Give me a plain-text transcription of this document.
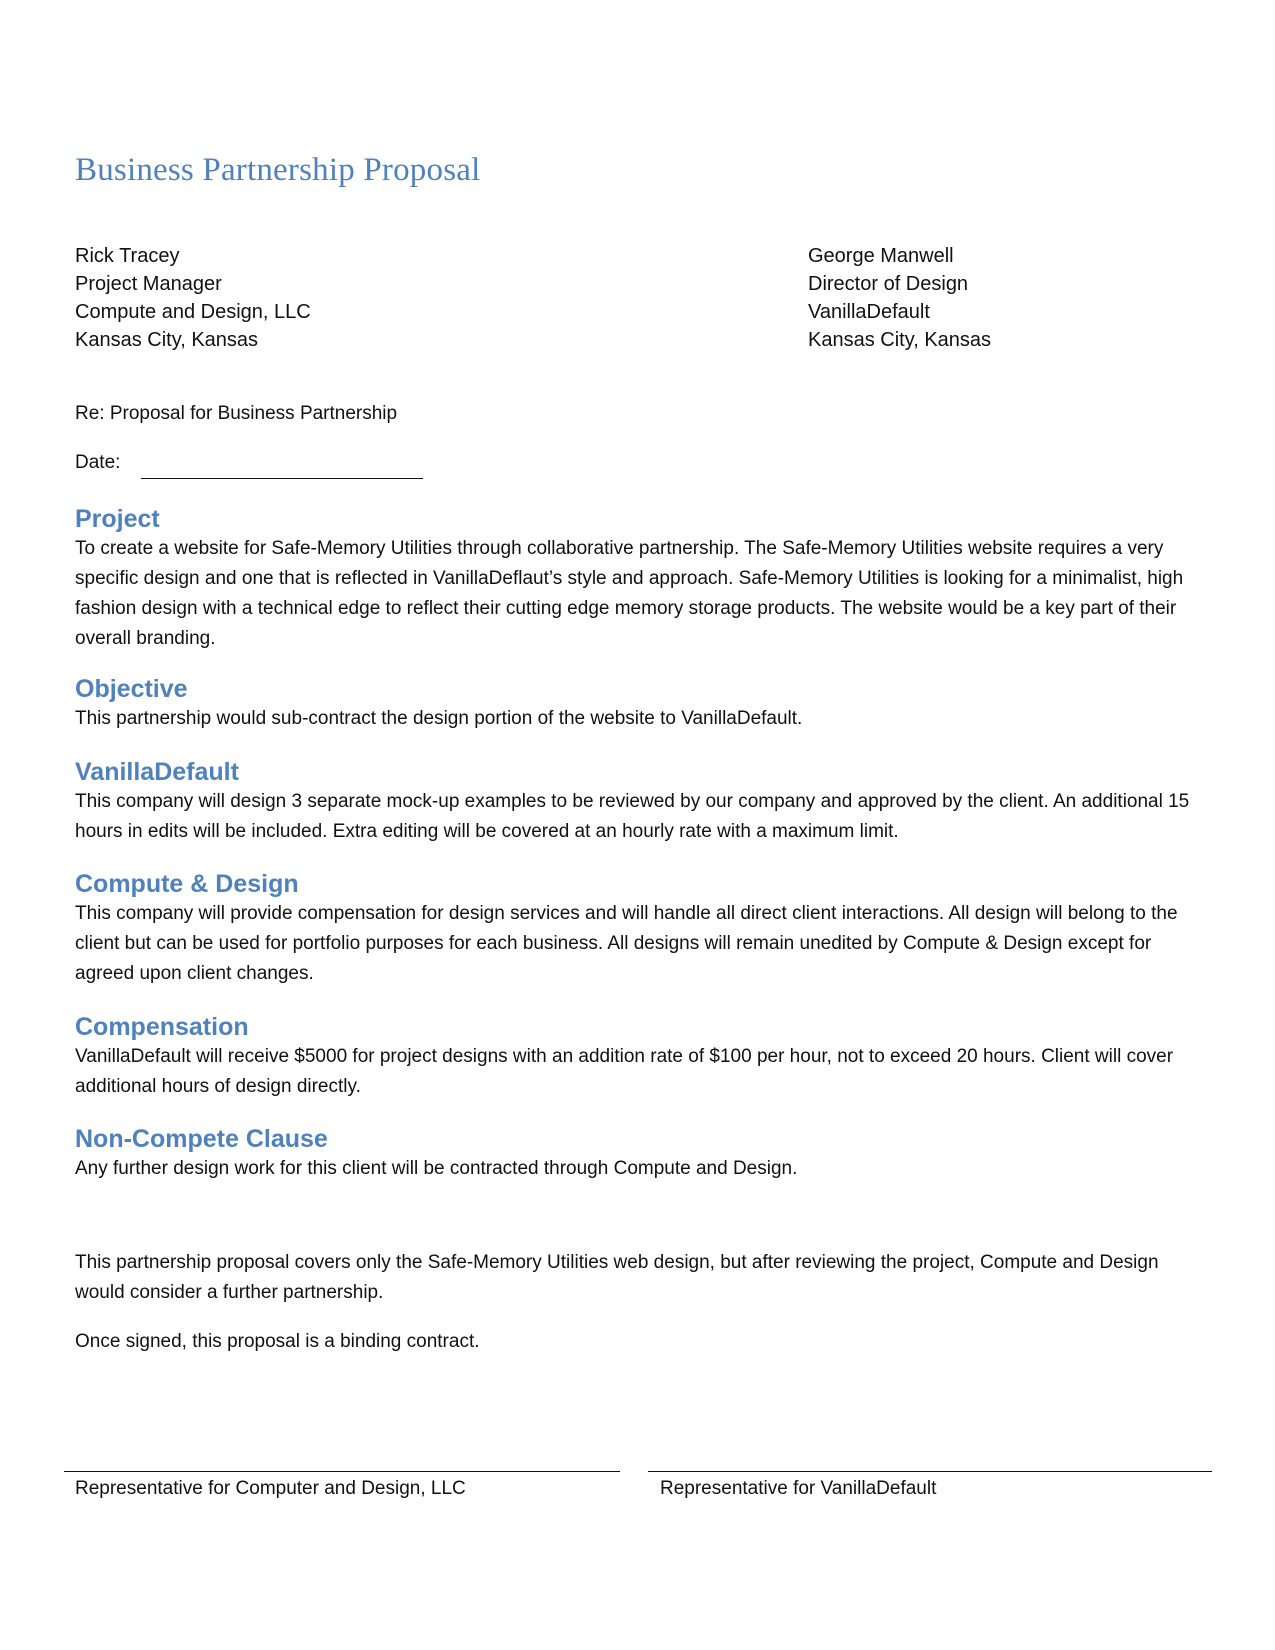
Business Partnership Proposal
Rick Tracey
Project Manager
Compute and Design, LLC
Kansas City, Kansas
George Manwell
Director of Design
VanillaDefault
Kansas City, Kansas
Re: Proposal for Business Partnership
Date:
Project

To create a website for Safe-Memory Utilities through collaborative partnership. The Safe-Memory Utilities website requires a very specific design and one that is reflected in VanillaDeflaut’s style and approach. Safe-Memory Utilities is looking for a minimalist, high fashion design with a technical edge to reflect their cutting edge memory storage products. The website would be a key part of their overall branding.

Objective

This partnership would sub-contract the design portion of the website to VanillaDefault.

VanillaDefault

This company will design 3 separate mock-up examples to be reviewed by our company and approved by the client. An additional 15 hours in edits will be included. Extra editing will be covered at an hourly rate with a maximum limit.

Compute & Design

This company will provide compensation for design services and will handle all direct client interactions. All design will belong to the client but can be used for portfolio purposes for each business. All designs will remain unedited by Compute & Design except for agreed upon client changes.

Compensation

VanillaDefault will receive $5000 for project designs with an addition rate of $100 per hour, not to exceed 20 hours. Client will cover additional hours of design directly.

Non-Compete Clause

Any further design work for this client will be contracted through Compute and Design.

This partnership proposal covers only the Safe-Memory Utilities web design, but after reviewing the project, Compute and Design would consider a further partnership.

Once signed, this proposal is a binding contract.

Representative for Computer and Design, LLC	Representative for VanillaDefault
